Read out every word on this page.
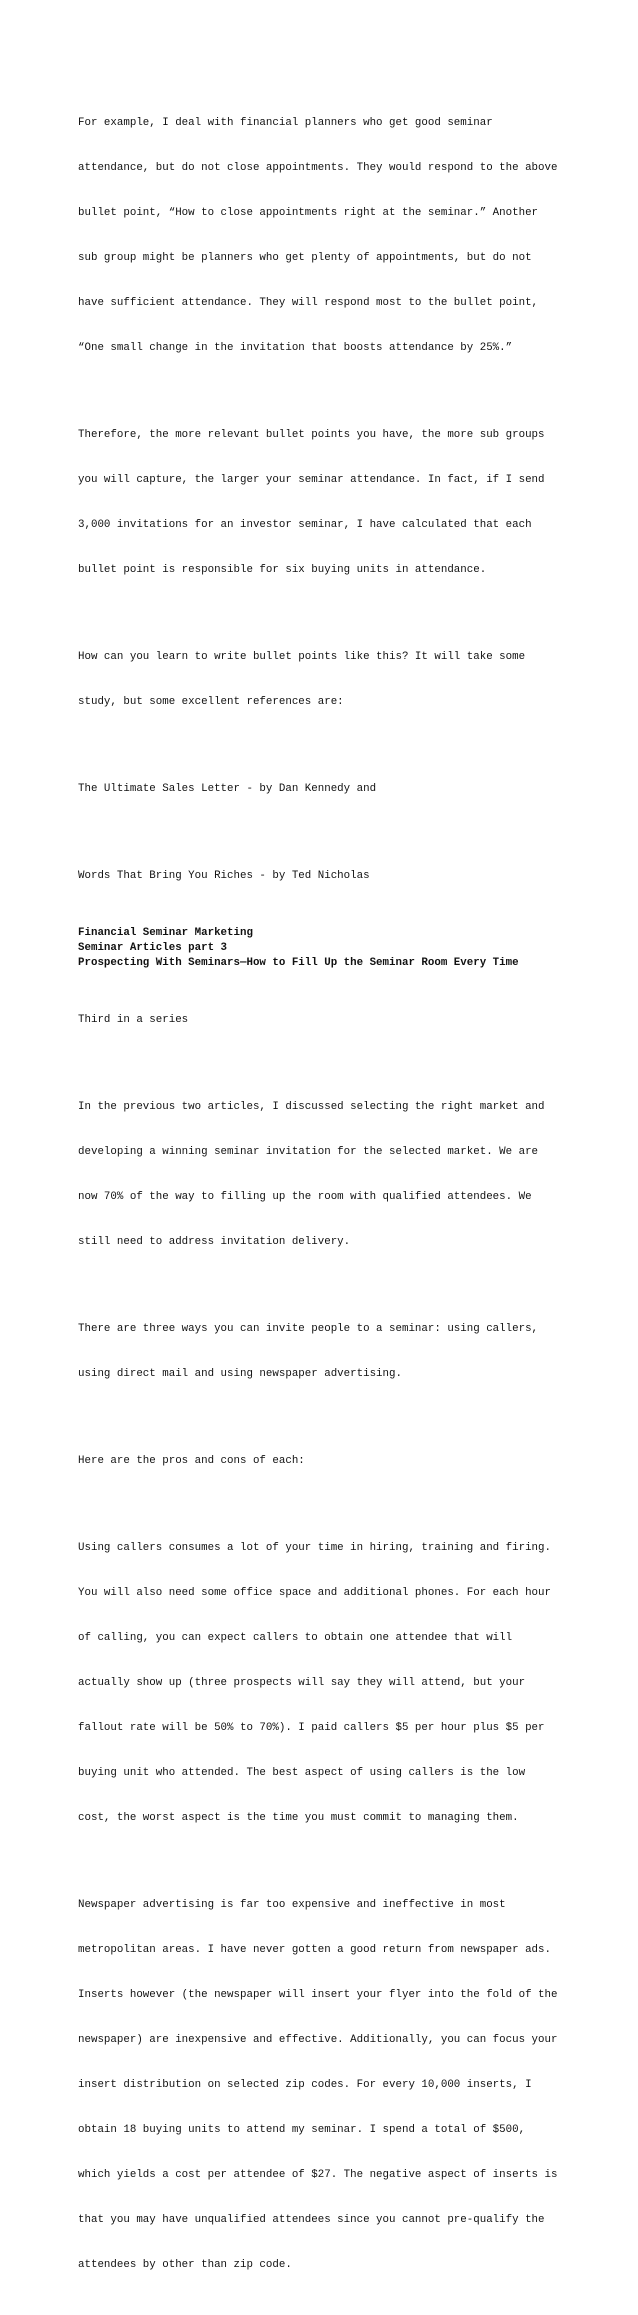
For example, I deal with financial planners who get good seminar

attendance, but do not close appointments. They would respond to the above

bullet point, “How to close appointments right at the seminar.” Another

sub group might be planners who get plenty of appointments, but do not

have sufficient attendance. They will respond most to the bullet point,

“One small change in the invitation that boosts attendance by 25%.”

Therefore, the more relevant bullet points you have, the more sub groups

you will capture, the larger your seminar attendance. In fact, if I send

3,000 invitations for an investor seminar, I have calculated that each

bullet point is responsible for six buying units in attendance.

How can you learn to write bullet points like this? It will take some

study, but some excellent references are:

The Ultimate Sales Letter - by Dan Kennedy and

Words That Bring You Riches - by Ted Nicholas

Financial Seminar Marketing
Seminar Articles part 3
Prospecting With Seminars—How to Fill Up the Seminar Room Every Time

Third in a series

In the previous two articles, I discussed selecting the right market and

developing a winning seminar invitation for the selected market. We are

now 70% of the way to filling up the room with qualified attendees. We

still need to address invitation delivery.

There are three ways you can invite people to a seminar: using callers,

using direct mail and using newspaper advertising.

Here are the pros and cons of each:

Using callers consumes a lot of your time in hiring, training and firing.

You will also need some office space and additional phones. For each hour

of calling, you can expect callers to obtain one attendee that will

actually show up (three prospects will say they will attend, but your

fallout rate will be 50% to 70%). I paid callers $5 per hour plus $5 per

buying unit who attended. The best aspect of using callers is the low

cost, the worst aspect is the time you must commit to managing them.

Newspaper advertising is far too expensive and ineffective in most

metropolitan areas. I have never gotten a good return from newspaper ads.

Inserts however (the newspaper will insert your flyer into the fold of the

newspaper) are inexpensive and effective. Additionally, you can focus your

insert distribution on selected zip codes. For every 10,000 inserts, I

obtain 18 buying units to attend my seminar. I spend a total of $500,

which yields a cost per attendee of $27. The negative aspect of inserts is

that you may have unqualified attendees since you cannot pre-qualify the

attendees by other than zip code.
